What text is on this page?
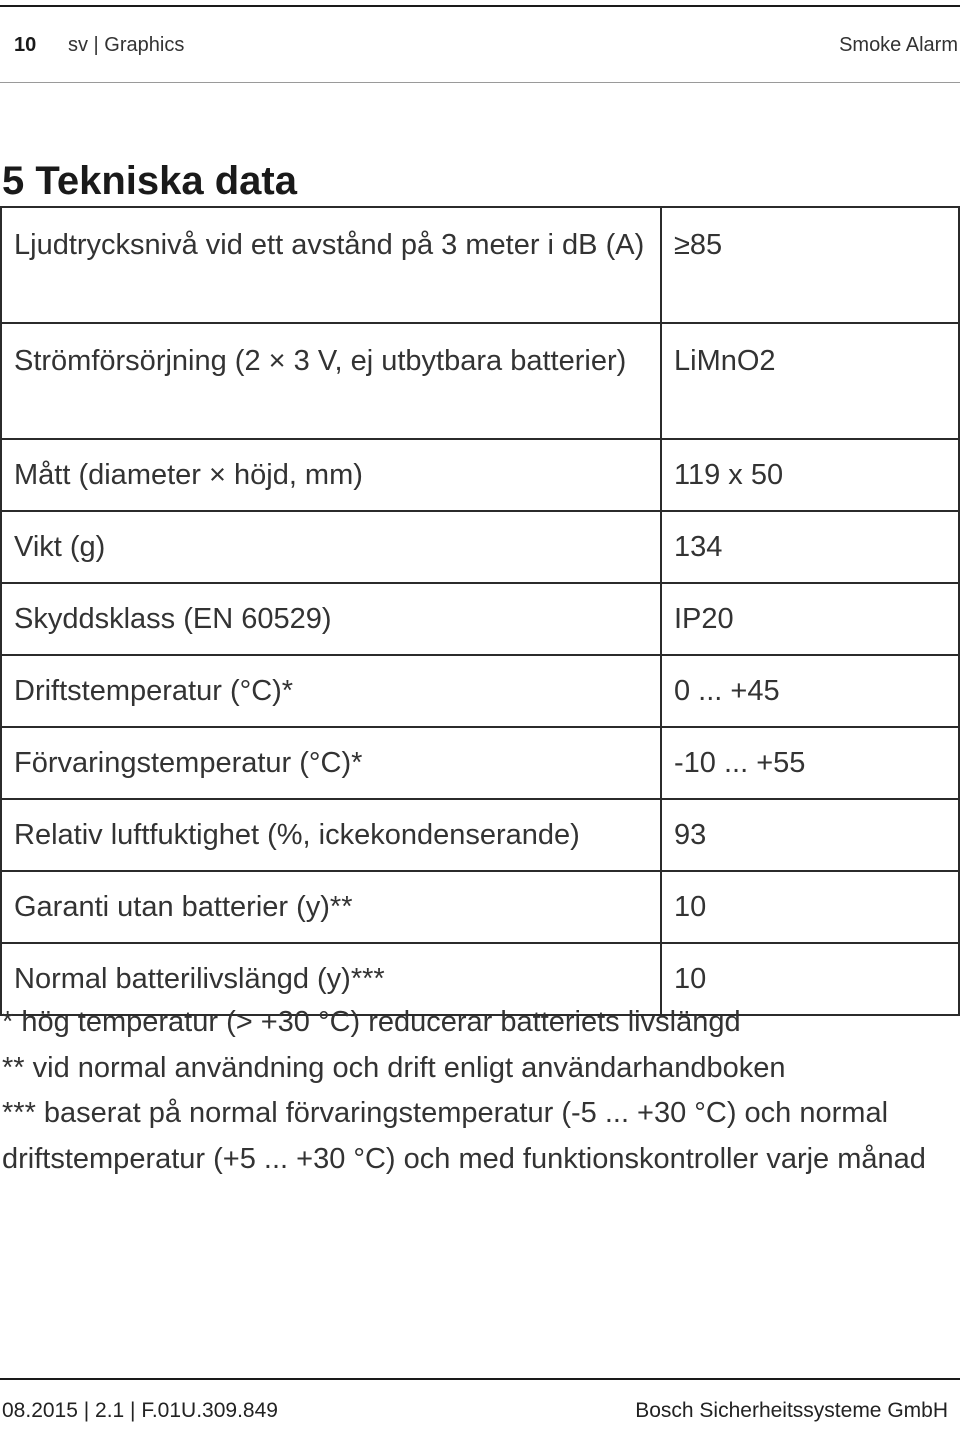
10 sv | Graphics	Smoke Alarm
5 Tekniska data
Ljudtrycksnivå vid ett avstånd på 3 meter i dB (A)	≥85
Strömförsörjning (2 × 3 V, ej utbytbara batterier)	LiMnO2
Mått (diameter × höjd, mm)	119 x 50
Vikt (g)	134
Skyddsklass (EN 60529)	IP20
Driftstemperatur (°C)*	0 ... +45
Förvaringstemperatur (°C)*	-10 ... +55
Relativ luftfuktighet (%, ickekondenserande)	93
Garanti utan batterier (y)**	10
Normal batterilivslängd (y)***	10

* hög temperatur (> +30 °C) reducerar batteriets livslängd

** vid normal användning och drift enligt användarhandboken

*** baserat på normal förvaringstemperatur (-5 ... +30 °C) och normal driftstemperatur (+5 ... +30 °C) och med funktionskontroller varje månad

08.2015 | 2.1 | F.01U.309.849	Bosch Sicherheitssysteme GmbH
